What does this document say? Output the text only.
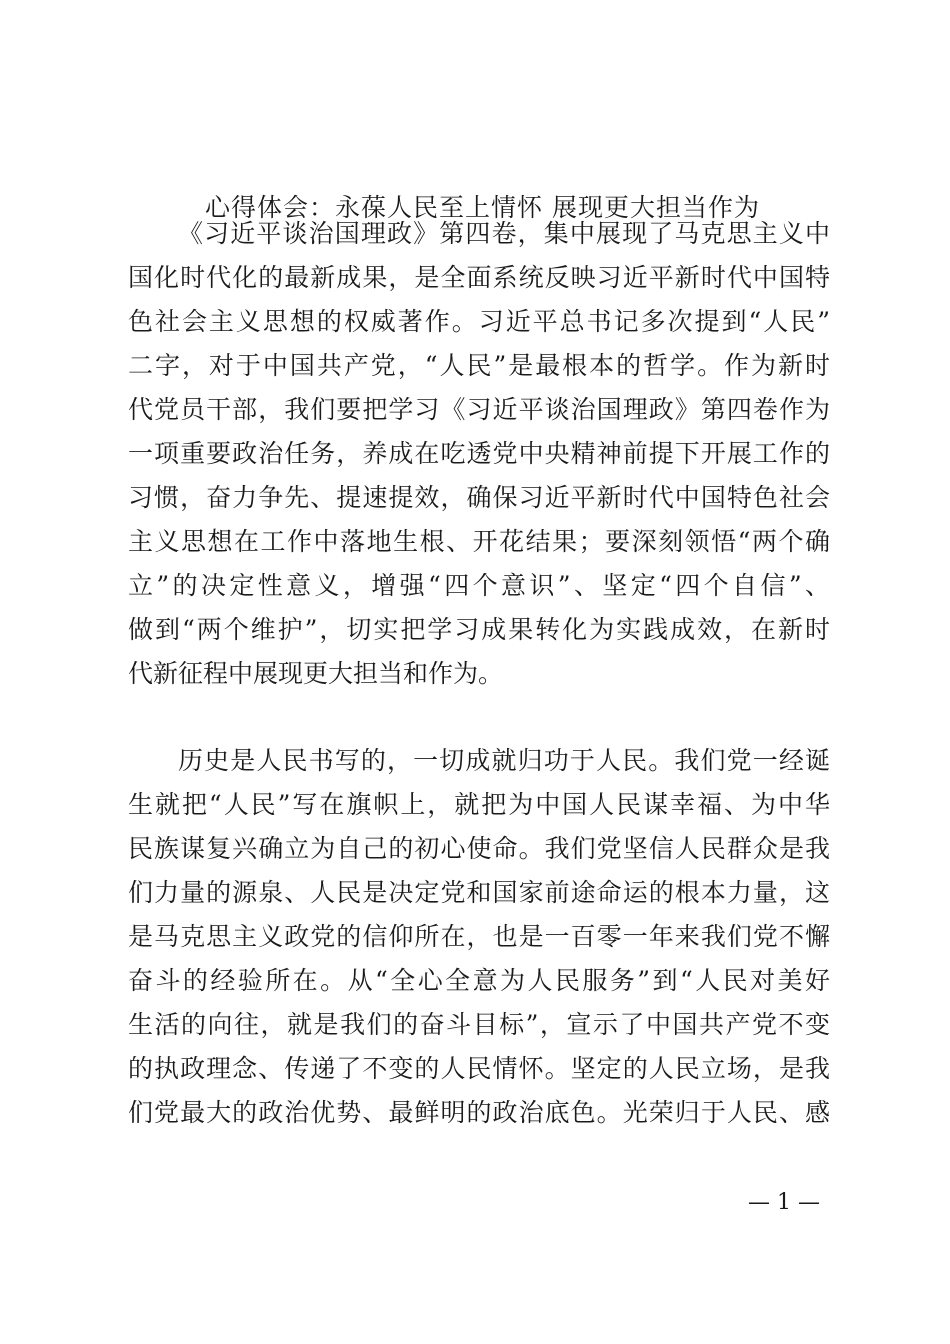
心得体会：永葆人民至上情怀 展现更大担当作为
《习近平谈治国理政》第四卷，集中展现了马克思主义中
国化时代化的最新成果，是全面系统反映习近平新时代中国特
色社会主义思想的权威著作。习近平总书记多次提到“人民”
二字，对于中国共产党，“人民”是最根本的哲学。作为新时
代党员干部，我们要把学习《习近平谈治国理政》第四卷作为
一项重要政治任务，养成在吃透党中央精神前提下开展工作的
习惯，奋力争先、提速提效，确保习近平新时代中国特色社会
主义思想在工作中落地生根、开花结果；要深刻领悟“两个确
立”的决定性意义，增强“四个意识”、坚定“四个自信”、
做到“两个维护”，切实把学习成果转化为实践成效，在新时
代新征程中展现更大担当和作为。
历史是人民书写的，一切成就归功于人民。我们党一经诞
生就把“人民”写在旗帜上，就把为中国人民谋幸福、为中华
民族谋复兴确立为自己的初心使命。我们党坚信人民群众是我
们力量的源泉、人民是决定党和国家前途命运的根本力量，这
是马克思主义政党的信仰所在，也是一百零一年来我们党不懈
奋斗的经验所在。从“全心全意为人民服务”到“人民对美好
生活的向往，就是我们的奋斗目标”，宣示了中国共产党不变
的执政理念、传递了不变的人民情怀。坚定的人民立场，是我
们党最大的政治优势、最鲜明的政治底色。光荣归于人民、感
— 1 —
